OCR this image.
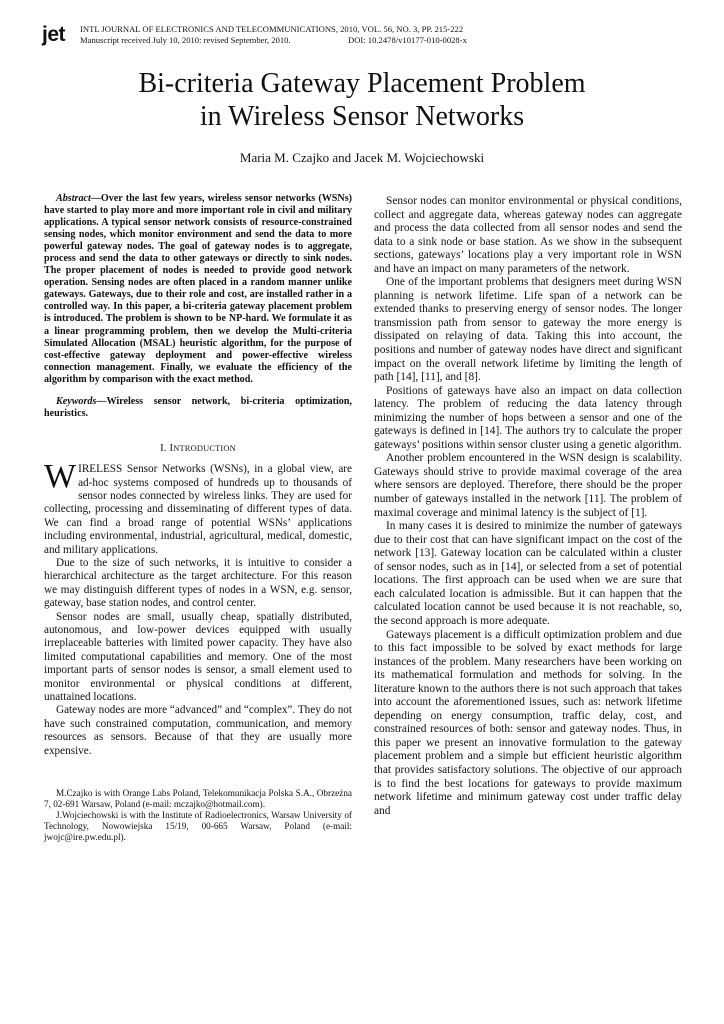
jet INTL JOURNAL OF ELECTRONICS AND TELECOMMUNICATIONS, 2010, VOL. 56, NO. 3, PP. 215-222
Manuscript received July 10, 2010: revised September, 2010.	DOI: 10.2478/v10177-010-0028-x
Bi-criteria Gateway Placement Problem
in Wireless Sensor Networks
Maria M. Czajko and Jacek M. Wojciechowski

Abstract—Over the last few years, wireless sensor networks (WSNs) have started to play more and more important role in civil and military applications. A typical sensor network consists of resource-constrained sensing nodes, which monitor environment and send the data to more powerful gateway nodes. The goal of gateway nodes is to aggregate, process and send the data to other gateways or directly to sink nodes. The proper placement of nodes is needed to provide good network operation. Sensing nodes are often placed in a random manner unlike gateways. Gateways, due to their role and cost, are installed rather in a controlled way. In this paper, a bi-criteria gateway placement problem is introduced. The problem is shown to be NP-hard. We formulate it as a linear programming problem, then we develop the Multi-criteria Simulated Allocation (MSAL) heuristic algorithm, for the purpose of cost-effective gateway deployment and power-effective wireless connection management. Finally, we evaluate the efficiency of the algorithm by comparison with the exact method.

Keywords—Wireless sensor network, bi-criteria optimization, heuristics.

I. INTRODUCTION

WIRELESS Sensor Networks (WSNs), in a global view, are ad-hoc systems composed of hundreds up to thousands of sensor nodes connected by wireless links. They are used for collecting, processing and disseminating of different types of data. We can find a broad range of potential WSNs’ applications including environmental, industrial, agricultural, medical, domestic, and military applications.

Due to the size of such networks, it is intuitive to consider a hierarchical architecture as the target architecture. For this reason we may distinguish different types of nodes in a WSN, e.g. sensor, gateway, base station nodes, and control center.

Sensor nodes are small, usually cheap, spatially distributed, autonomous, and low-power devices equipped with usually irreplaceable batteries with limited power capacity. They have also limited computational capabilities and memory. One of the most important parts of sensor nodes is sensor, a small element used to monitor environmental or physical conditions at different, unattained locations.

Gateway nodes are more “advanced” and “complex”. They do not have such constrained computation, communication, and memory resources as sensors. Because of that they are usually more expensive.

M.Czajko is with Orange Labs Poland, Telekomunikacja Polska S.A., Obrzeżna 7, 02-691 Warsaw, Poland (e-mail: mczajko@hotmail.com).

J.Wojciechowski is with the Institute of Radioelectronics, Warsaw University of Technology, Nowowiejska 15/19, 00-665 Warsaw, Poland (e-mail: jwojc@ire.pw.edu.pl).

Sensor nodes can monitor environmental or physical conditions, collect and aggregate data, whereas gateway nodes can aggregate and process the data collected from all sensor nodes and send the data to a sink node or base station. As we show in the subsequent sections, gateways’ locations play a very important role in WSN and have an impact on many parameters of the network.

One of the important problems that designers meet during WSN planning is network lifetime. Life span of a network can be extended thanks to preserving energy of sensor nodes. The longer transmission path from sensor to gateway the more energy is dissipated on relaying of data. Taking this into account, the positions and number of gateway nodes have direct and significant impact on the overall network lifetime by limiting the length of path [14], [11], and [8].

Positions of gateways have also an impact on data collection latency. The problem of reducing the data latency through minimizing the number of hops between a sensor and one of the gateways is defined in [14]. The authors try to calculate the proper gateways’ positions within sensor cluster using a genetic algorithm.

Another problem encountered in the WSN design is scalability. Gateways should strive to provide maximal coverage of the area where sensors are deployed. Therefore, there should be the proper number of gateways installed in the network [11]. The problem of maximal coverage and minimal latency is the subject of [1].

In many cases it is desired to minimize the number of gateways due to their cost that can have significant impact on the cost of the network [13]. Gateway location can be calculated within a cluster of sensor nodes, such as in [14], or selected from a set of potential locations. The first approach can be used when we are sure that each calculated location is admissible. But it can happen that the calculated location cannot be used because it is not reachable, so, the second approach is more adequate.

Gateways placement is a difficult optimization problem and due to this fact impossible to be solved by exact methods for large instances of the problem. Many researchers have been working on its mathematical formulation and methods for solving. In the literature known to the authors there is not such approach that takes into account the aforementioned issues, such as: network lifetime depending on energy consumption, traffic delay, cost, and constrained resources of both: sensor and gateway nodes. Thus, in this paper we present an innovative formulation to the gateway placement problem and a simple but efficient heuristic algorithm that provides satisfactory solutions. The objective of our approach is to find the best locations for gateways to provide maximum network lifetime and minimum gateway cost under traffic delay and
